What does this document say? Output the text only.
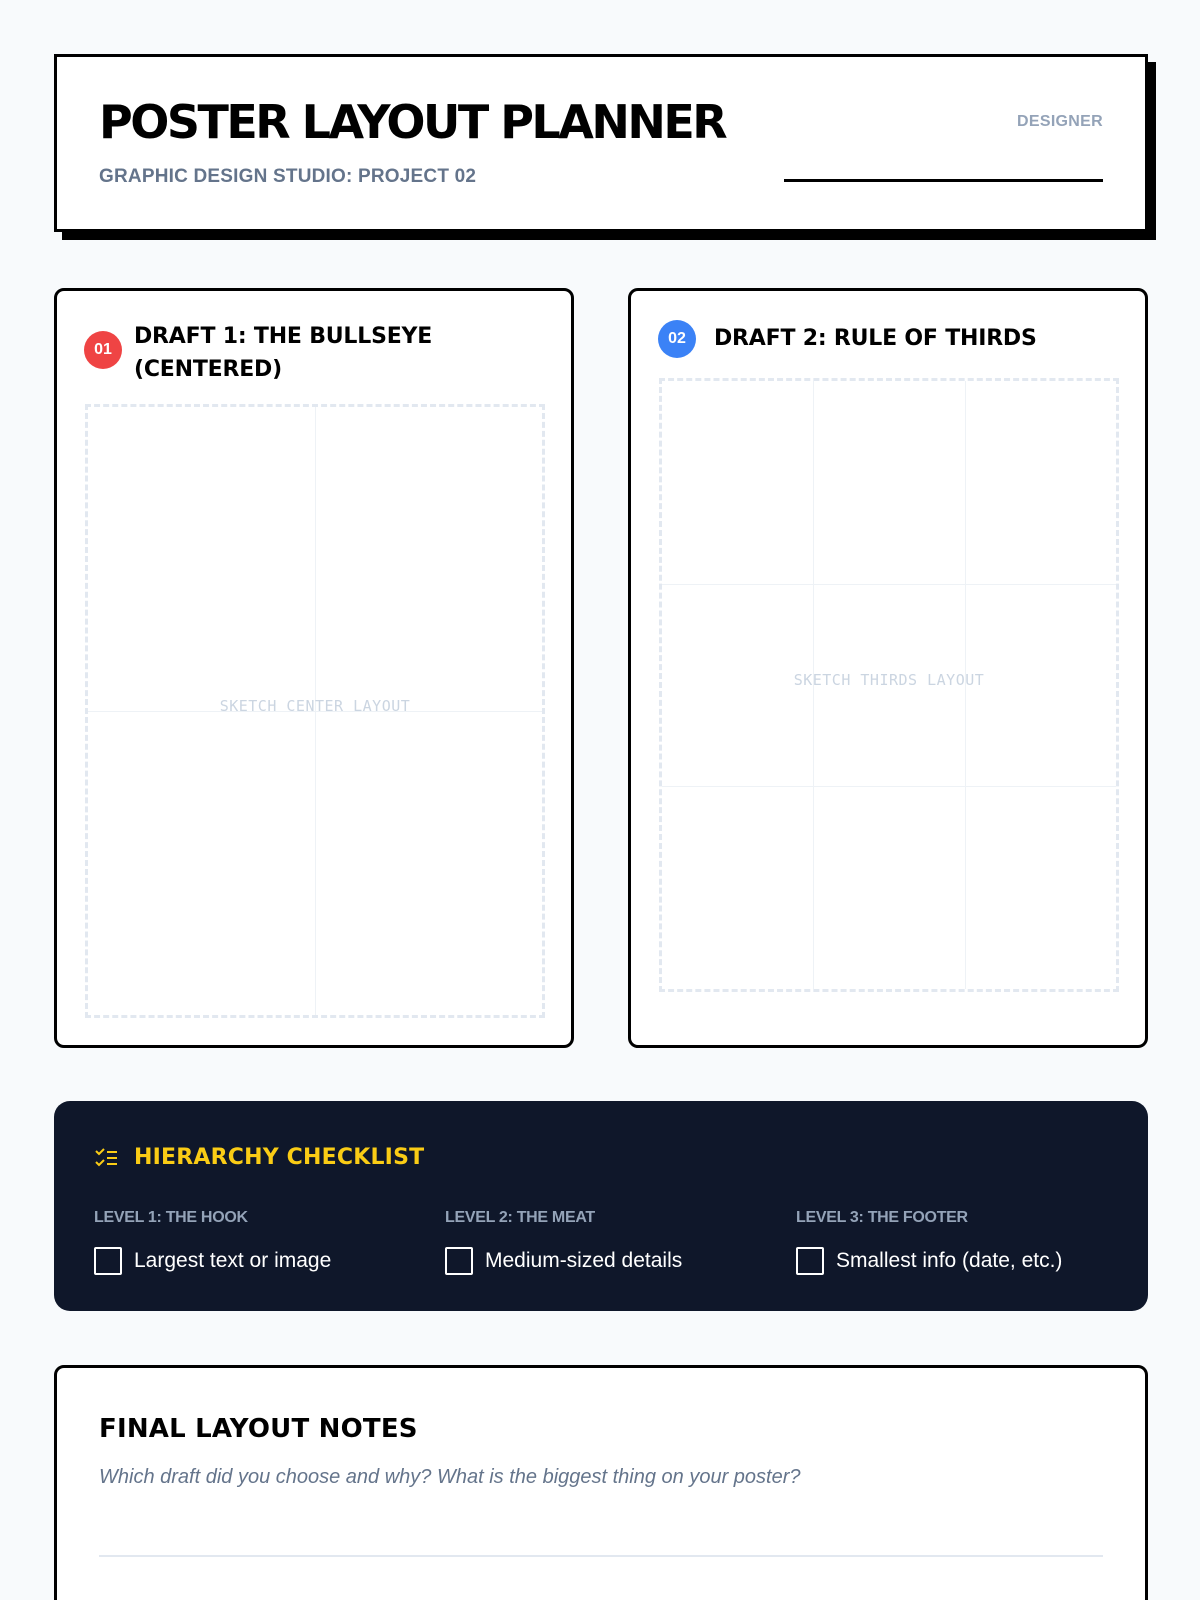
POSTER LAYOUT PLANNER
GRAPHIC DESIGN STUDIO: PROJECT 02
DESIGNER
01
DRAFT 1: THE BULLSEYE (CENTERED)
SKETCH CENTER LAYOUT
02	DRAFT 2: RULE OF THIRDS
SKETCH THIRDS LAYOUT
HIERARCHY CHECKLIST
LEVEL 1: THE HOOK
Largest text or image
LEVEL 2: THE MEAT
Medium-sized details
LEVEL 3: THE FOOTER
Smallest info (date, etc.)
FINAL LAYOUT NOTES
Which draft did you choose and why? What is the biggest thing on your poster?
